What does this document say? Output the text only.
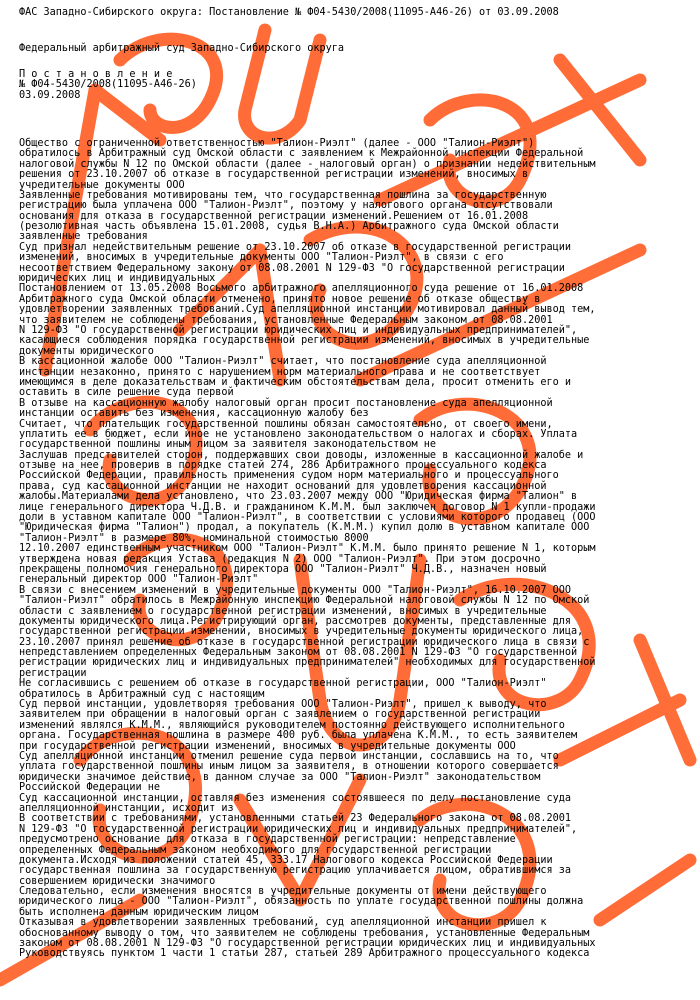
ФАС Западно-Сибирского округа: Постановление № Ф04-5430/2008(11095-А46-26) от 03.09.2008
Федеральный арбитражный суд Западно-Сибирского округа
П о с т а н о в л е н и е
№ Ф04-5430/2008(11095-А46-26)
03.09.2008
Общество с ограниченной ответственностью "Талион-Риэлт" (далее - ООО "Талион-Риэлт")
обратилось в Арбитражный суд Омской области с заявлением к Межрайонной инспекции Федеральной
налоговой службы N 12 по Омской области (далее - налоговый орган) о признании недействительным
решения от 23.10.2007 об отказе в государственной регистрации изменений, вносимых в
учредительные документы ООО
Заявленные требования мотивированы тем, что государственная пошлина за государственную
регистрацию была уплачена ООО "Талион-Риэлт", поэтому у налогового органа отсутствовали
основания для отказа в государственной регистрации изменений.Решением от 16.01.2008
(резолютивная часть объявлена 15.01.2008, судья В.Н.А.) Арбитражного суда Омской области
заявленные требования
Суд признал недействительным решение от 23.10.2007 об отказе в государственной регистрации
изменений, вносимых в учредительные документы ООО "Талион-Риэлт", в связи с его
несоответствием Федеральному закону от 08.08.2001 N 129-ФЗ "О государственной регистрации
юридических лиц и индивидуальных
Постановлением от 13.05.2008 Восьмого арбитражного апелляционного суда решение от 16.01.2008
Арбитражного суда Омской области отменено, принято новое решение об отказе обществу в
удовлетворении заявленных требований.Суд апелляционной инстанции мотивировал данный вывод тем,
что заявителем не соблюдены требования, установленные Федеральным законом от 08.08.2001
N 129-ФЗ "О государственной регистрации юридических лиц и индивидуальных предпринимателей",
касающиеся соблюдения порядка государственной регистрации изменений, вносимых в учредительные
документы юридического
В кассационной жалобе ООО "Талион-Риэлт" считает, что постановление суда апелляционной
инстанции незаконно, принято с нарушением норм материального права и не соответствует
имеющимся в деле доказательствам и фактическим обстоятельствам дела, просит отменить его и
оставить в силе решение суда первой
В отзыве на кассационную жалобу налоговый орган просит постановление суда апелляционной
инстанции оставить без изменения, кассационную жалобу без
Считает, что плательщик государственной пошлины обязан самостоятельно, от своего имени,
уплатить ее в бюджет, если иное не установлено законодательством о налогах и сборах. Уплата
государственной пошлины иным лицом за заявителя законодательством не
Заслушав представителей сторон, поддержавших свои доводы, изложенные в кассационной жалобе и
отзыве на нее, проверив в порядке статей 274, 286 Арбитражного процессуального кодекса
Российской Федерации, правильность применения судом норм материального и процессуального
права, суд кассационной инстанции не находит оснований для удовлетворения кассационной
жалобы.Материалами дела установлено, что 23.03.2007 между ООО "Юридическая фирма "Талион" в
лице генерального директора Ч.Д.В. и гражданином К.М.М. был заключен договор N 1 купли-продажи
доли в уставном капитале ООО "Талион-Риэлт", в соответствии с условиями которого продавец (ООО
"Юридическая фирма "Талион") продал, а покупатель (К.М.М.) купил долю в уставном капитале ООО
"Талион-Риэлт" в размере 80%, номинальной стоимостью 8000
12.10.2007 единственным участником ООО "Талион-Риэлт" К.М.М. было принято решение N 1, которым
утверждена новая редакция Устава (редакция N 2) ООО "Талион-Риэлт". При этом досрочно
прекращены полномочия генерального директора ООО "Талион-Риэлт" Ч.Д.В., назначен новый
генеральный директор ООО "Талион-Риэлт"
В связи с внесением изменений в учредительные документы ООО "Талион-Риэлт", 16.10.2007 ООО
"Талион-Риэлт" обратилось в Межрайонную инспекцию Федеральной налоговой службы N 12 по Омской
области с заявлением о государственной регистрации изменений, вносимых в учредительные
документы юридического лица.Регистрирующий орган, рассмотрев документы, представленные для
государственной регистрации изменений, вносимых в учредительные документы юридического лица,
23.10.2007 принял решение об отказе в государственной регистрации юридического лица в связи с
непредставлением определенных Федеральным законом от 08.08.2001 N 129-ФЗ "О государственной
регистрации юридических лиц и индивидуальных предпринимателей" необходимых для государственной
регистрации
Не согласившись с решением об отказе в государственной регистрации, ООО "Талион-Риэлт"
обратилось в Арбитражный суд с настоящим
Суд первой инстанции, удовлетворяя требования ООО "Талион-Риэлт", пришел к выводу, что
заявителем при обращении в налоговый орган с заявлением о государственной регистрации
изменений являлся К.М.М., являющийся руководителем постоянно действующего исполнительного
органа. Государственная пошлина в размере 400 руб. была уплачена К.М.М., то есть заявителем
при государственной регистрации изменений, вносимых в учредительные документы ООО
Суд апелляционной инстанции отменил решение суда первой инстанции, сославшись на то, что
уплата государственной пошлины иным лицом за заявителя, в отношении которого совершается
юридически значимое действие, в данном случае за ООО "Талион-Риэлт" законодательством
Российской Федерации не
Суд кассационной инстанции, оставляя без изменения состоявшееся по делу постановление суда
апелляционной инстанции, исходит из
В соответствии с требованиями, установленными статьей 23 Федерального закона от 08.08.2001
N 129-ФЗ "О государственной регистрации юридических лиц и индивидуальных предпринимателей",
предусмотрено основание для отказа в государственной регистрации: непредставление
определенных Федеральным законом необходимого для государственной регистрации
документа.Исходя из положений статей 45, 333.17 Налогового кодекса Российской Федерации
государственная пошлина за государственную регистрацию уплачивается лицом, обратившимся за
совершением юридически значимого
Следовательно, если изменения вносятся в учредительные документы от имени действующего
юридического лица - ООО "Талион-Риэлт", обязанность по уплате государственной пошлины должна
быть исполнена данным юридическим лицом
Отказывая в удовлетворении заявленных требований, суд апелляционной инстанции пришел к
обоснованному выводу о том, что заявителем не соблюдены требования, установленные Федеральным
законом от 08.08.2001 N 129-ФЗ "О государственной регистрации юридических лиц и индивидуальных
Руководствуясь пунктом 1 части 1 статьи 287, статьей 289 Арбитражного процессуального кодекса
